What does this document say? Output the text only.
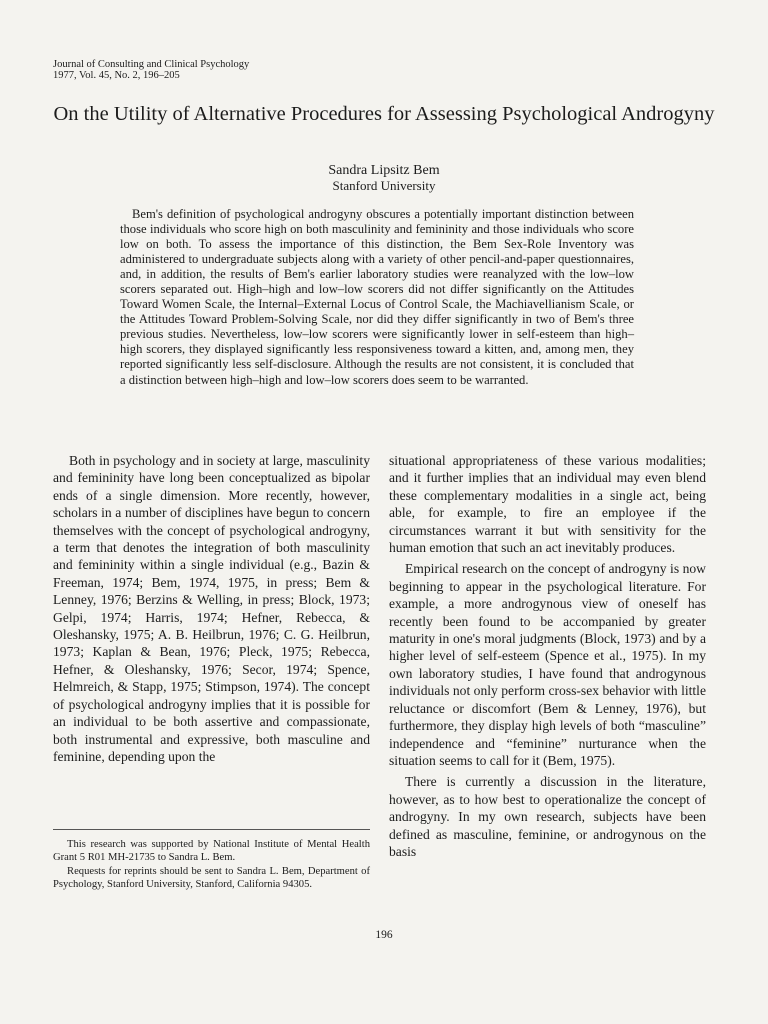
Journal of Consulting and Clinical Psychology
1977, Vol. 45, No. 2, 196–205
On the Utility of Alternative Procedures for Assessing Psychological Androgyny
Sandra Lipsitz Bem
Stanford University

Bem's definition of psychological androgyny obscures a potentially important distinction between those individuals who score high on both masculinity and femininity and those individuals who score low on both. To assess the importance of this distinction, the Bem Sex-Role Inventory was administered to undergraduate subjects along with a variety of other pencil-and-paper questionnaires, and, in addition, the results of Bem's earlier laboratory studies were reanalyzed with the low–low scorers separated out. High–high and low–low scorers did not differ significantly on the Attitudes Toward Women Scale, the Internal–External Locus of Control Scale, the Machiavellianism Scale, or the Attitudes Toward Problem-Solving Scale, nor did they differ significantly in two of Bem's three previous studies. Nevertheless, low–low scorers were significantly lower in self-esteem than high–high scorers, they displayed significantly less responsiveness toward a kitten, and, among men, they reported significantly less self-disclosure. Although the results are not consistent, it is concluded that a distinction between high–high and low–low scorers does seem to be warranted.

Both in psychology and in society at large, masculinity and femininity have long been conceptualized as bipolar ends of a single dimension. More recently, however, scholars in a number of disciplines have begun to concern themselves with the concept of psychological androgyny, a term that denotes the integration of both masculinity and femininity within a single individual (e.g., Bazin & Freeman, 1974; Bem, 1974, 1975, in press; Bem & Lenney, 1976; Berzins & Welling, in press; Block, 1973; Gelpi, 1974; Harris, 1974; Hefner, Rebecca, & Oleshansky, 1975; A. B. Heilbrun, 1976; C. G. Heilbrun, 1973; Kaplan & Bean, 1976; Pleck, 1975; Rebecca, Hefner, & Oleshansky, 1976; Secor, 1974; Spence, Helmreich, & Stapp, 1975; Stimpson, 1974). The concept of psychological androgyny implies that it is possible for an individual to be both assertive and compassionate, both instrumental and expressive, both masculine and feminine, depending upon the

situational appropriateness of these various modalities; and it further implies that an individual may even blend these complementary modalities in a single act, being able, for example, to fire an employee if the circumstances warrant it but with sensitivity for the human emotion that such an act inevitably produces.

Empirical research on the concept of androgyny is now beginning to appear in the psychological literature. For example, a more androgynous view of oneself has recently been found to be accompanied by greater maturity in one's moral judgments (Block, 1973) and by a higher level of self-esteem (Spence et al., 1975). In my own laboratory studies, I have found that androgynous individuals not only perform cross-sex behavior with little reluctance or discomfort (Bem & Lenney, 1976), but furthermore, they display high levels of both “masculine” independence and “feminine” nurturance when the situation seems to call for it (Bem, 1975).

There is currently a discussion in the literature, however, as to how best to operationalize the concept of androgyny. In my own research, subjects have been defined as masculine, feminine, or androgynous on the basis

This research was supported by National Institute of Mental Health Grant 5 R01 MH-21735 to Sandra L. Bem.

Requests for reprints should be sent to Sandra L. Bem, Department of Psychology, Stanford University, Stanford, California 94305.

196
